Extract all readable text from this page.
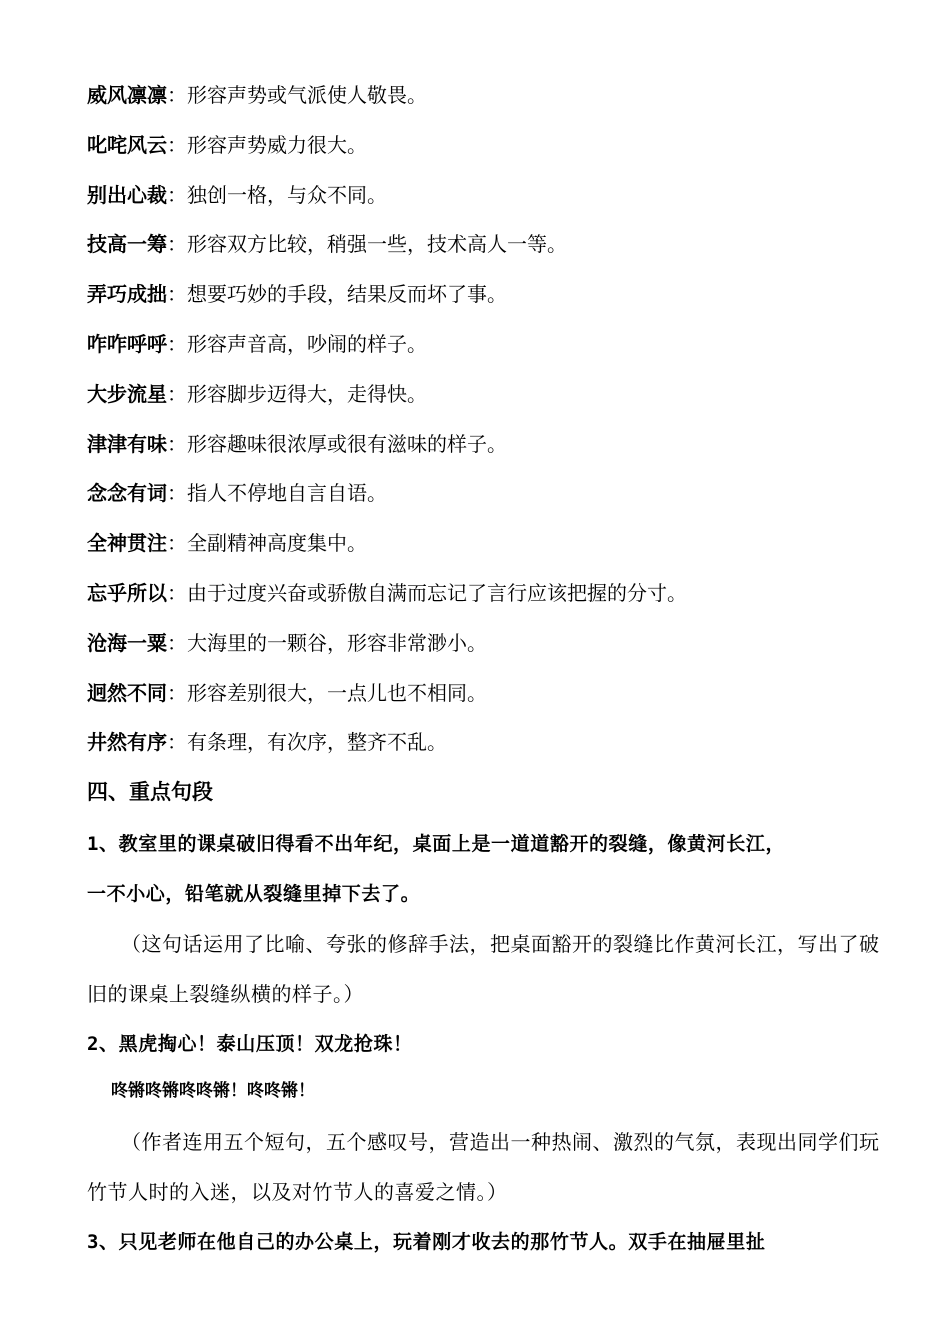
威风凛凛：形容声势或气派使人敬畏。
叱咤风云：形容声势威力很大。
别出心裁：独创一格，与众不同。
技高一筹：形容双方比较，稍强一些，技术高人一等。
弄巧成拙：想要巧妙的手段，结果反而坏了事。
咋咋呼呼：形容声音高，吵闹的样子。
大步流星：形容脚步迈得大，走得快。
津津有味：形容趣味很浓厚或很有滋味的样子。
念念有词：指人不停地自言自语。
全神贯注：全副精神高度集中。
忘乎所以：由于过度兴奋或骄傲自满而忘记了言行应该把握的分寸。
沧海一粟：大海里的一颗谷，形容非常渺小。
迥然不同：形容差别很大，一点儿也不相同。
井然有序：有条理，有次序，整齐不乱。
四、重点句段
1、教室里的课桌破旧得看不出年纪，桌面上是一道道豁开的裂缝，像黄河长江，
一不小心，铅笔就从裂缝里掉下去了。
（这句话运用了比喻、夸张的修辞手法，把桌面豁开的裂缝比作黄河长江，写出了破旧的课桌上裂缝纵横的样子。）
2、黑虎掏心！泰山压顶！双龙抢珠！
咚锵咚锵咚咚锵！咚咚锵！
（作者连用五个短句，五个感叹号，营造出一种热闹、激烈的气氛，表现出同学们玩竹节人时的入迷，以及对竹节人的喜爱之情。）
3、只见老师在他自己的办公桌上，玩着刚才收去的那竹节人。双手在抽屉里扯
